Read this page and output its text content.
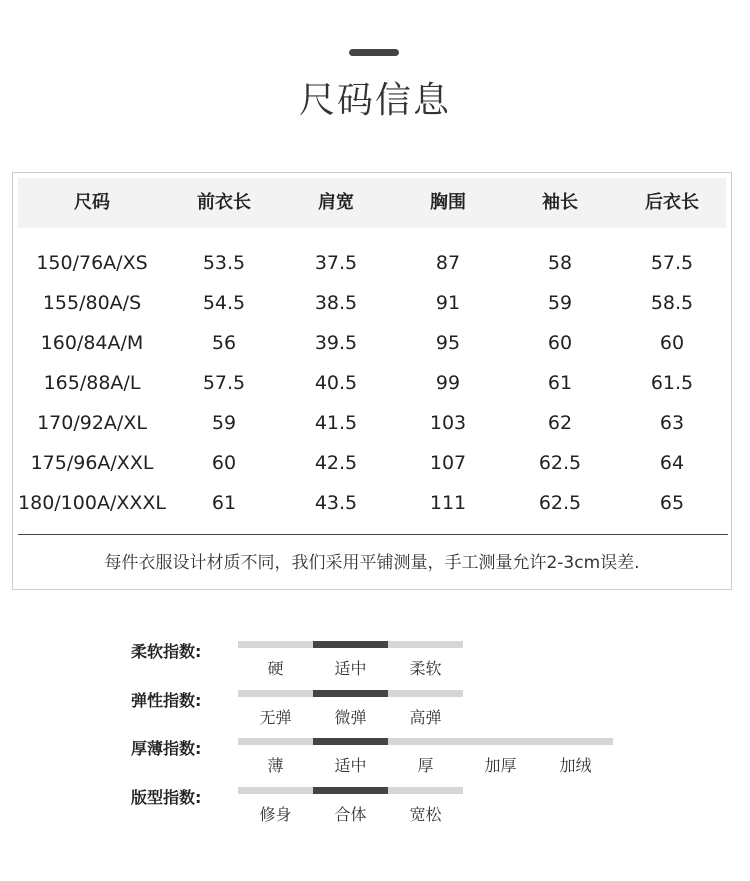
尺码信息
尺码	前衣长	肩宽	胸围	袖长	后衣长
150/76A/XS	53.5	37.5	87	58	57.5
155/80A/S	54.5	38.5	91	59	58.5
160/84A/M	56	39.5	95	60	60
165/88A/L	57.5	40.5	99	61	61.5
170/92A/XL	59	41.5	103	62	63
175/96A/XXL	60	42.5	107	62.5	64
180/100A/XXXL	61	43.5	111	62.5	65
每件衣服设计材质不同，我们采用平铺测量，手工测量允许2-3cm误差.
柔软指数:
硬	适中	柔软
弹性指数:
无弹	微弹	高弹
厚薄指数:
薄	适中	厚	加厚	加绒
版型指数:
修身	合体	宽松
